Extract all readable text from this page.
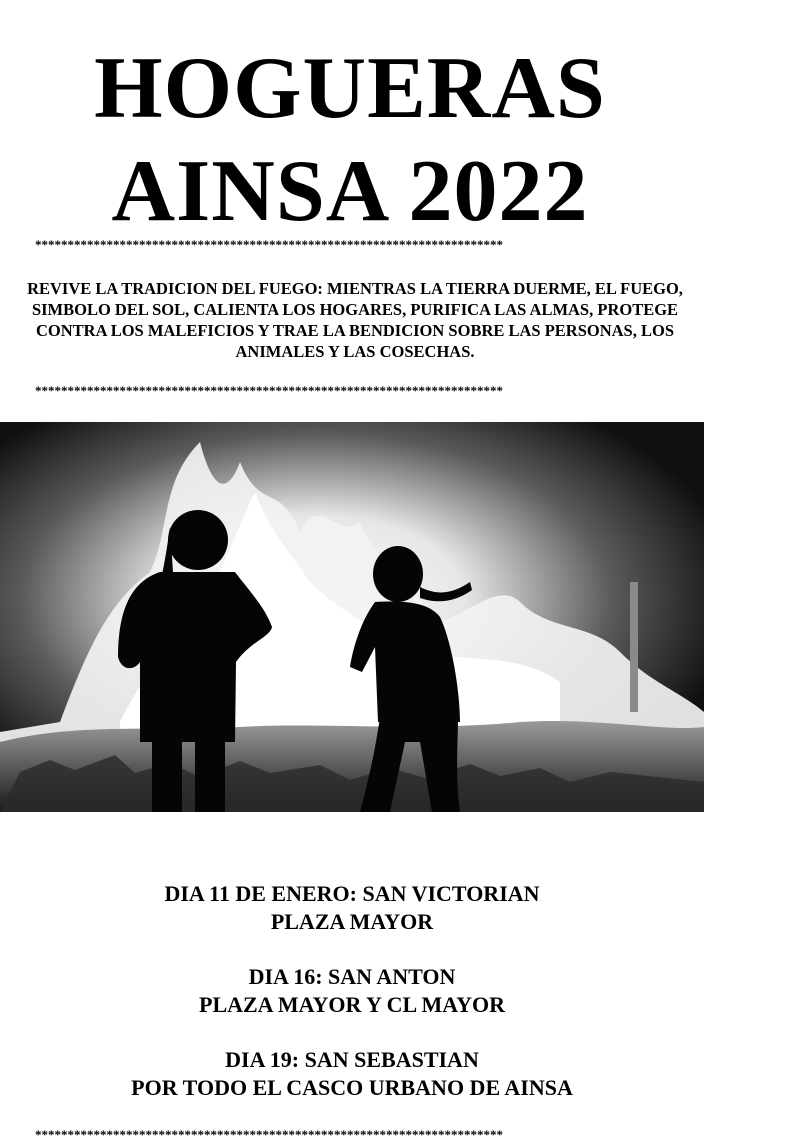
HOGUERAS
AINSA 2022
************************************************************************

REVIVE LA TRADICION DEL FUEGO: MIENTRAS LA TIERRA DUERME, EL FUEGO, SIMBOLO DEL SOL, CALIENTA LOS HOGARES, PURIFICA LAS ALMAS, PROTEGE CONTRA LOS MALEFICIOS Y TRAE LA BENDICION SOBRE LAS PERSONAS, LOS ANIMALES Y LAS COSECHAS.

************************************************************************

DIA 11 DE ENERO: SAN VICTORIAN

PLAZA MAYOR

DIA 16: SAN ANTON

PLAZA MAYOR Y CL MAYOR

DIA 19: SAN SEBASTIAN

POR TODO EL CASCO URBANO DE AINSA

************************************************************************
